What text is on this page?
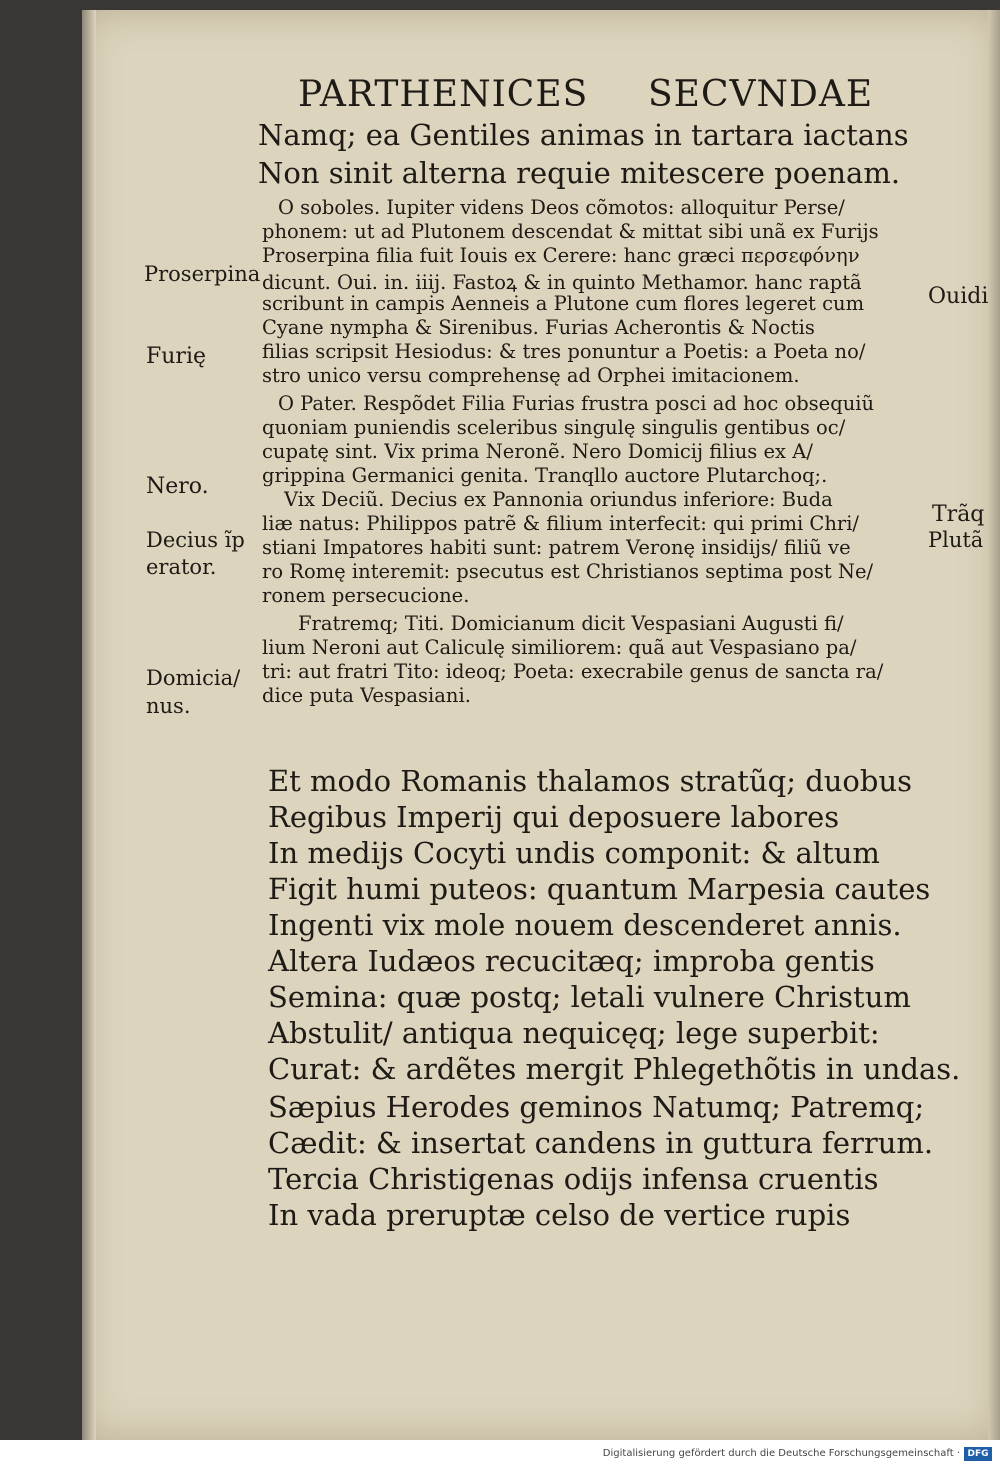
PARTHENICES SECVNDAE
Namq; ea Gentiles animas in tartara iactans
Non sinit alterna requie mitescere poenam.
O soboles. Iupiter videns Deos cõmotos: alloquitur Perse/
phonem: ut ad Plutonem descendat & mittat sibi unã ex Furijs
Proserpina filia fuit Iouis ex Cerere: hanc græci περσεφόνην
dicunt. Oui. in. iiij. Fastoꝝ & in quinto Methamor. hanc raptã
scribunt in campis Aenneis a Plutone cum flores legeret cum
Cyane nympha & Sirenibus. Furias Acherontis & Noctis
filias scripsit Hesiodus: & tres ponuntur a Poetis: a Poeta no/
stro unico versu comprehensę ad Orphei imitacionem.
O Pater. Respõdet Filia Furias frustra posci ad hoc obsequiũ
quoniam puniendis sceleribus singulę singulis gentibus oc/
cupatę sint. Vix prima Neronẽ. Nero Domicij filius ex A/
grippina Germanici genita. Tranqllo auctore Plutarchoq;.
Vix Deciũ. Decius ex Pannonia oriundus inferiore: Buda
liæ natus: Philippos patrẽ & filium interfecit: qui primi Chri/
stiani Impatores habiti sunt: patrem Veronę insidijs/ filiũ ve
ro Romę interemit: psecutus est Christianos septima post Ne/
ronem persecucione.
Fratremq; Titi. Domicianum dicit Vespasiani Augusti fi/
lium Neroni aut Caliculę similiorem: quã aut Vespasiano pa/
tri: aut fratri Tito: ideoq; Poeta: execrabile genus de sancta ra/
dice puta Vespasiani.
Et modo Romanis thalamos stratũq; duobus
Regibus Imperij qui deposuere labores
In medijs Cocyti undis componit: & altum
Figit humi puteos: quantum Marpesia cautes
Ingenti vix mole nouem descenderet annis.
Altera Iudæos recucitæq; improba gentis
Semina: quæ postq; letali vulnere Christum
Abstulit/ antiqua nequicęq; lege superbit:
Curat: & ardẽtes mergit Phlegethõtis in undas.
Sæpius Herodes geminos Natumq; Patremq;
Cædit: & insertat candens in guttura ferrum.
Tercia Christigenas odijs infensa cruentis
In vada preruptæ celso de vertice rupis
Proserpina
Furię
Nero.
Decius ĩp
erator.
Domicia/
nus.
Ouidi
Trãq
Plutã
Digitalisierung gefördert durch die Deutsche Forschungsgemeinschaft · DFG
